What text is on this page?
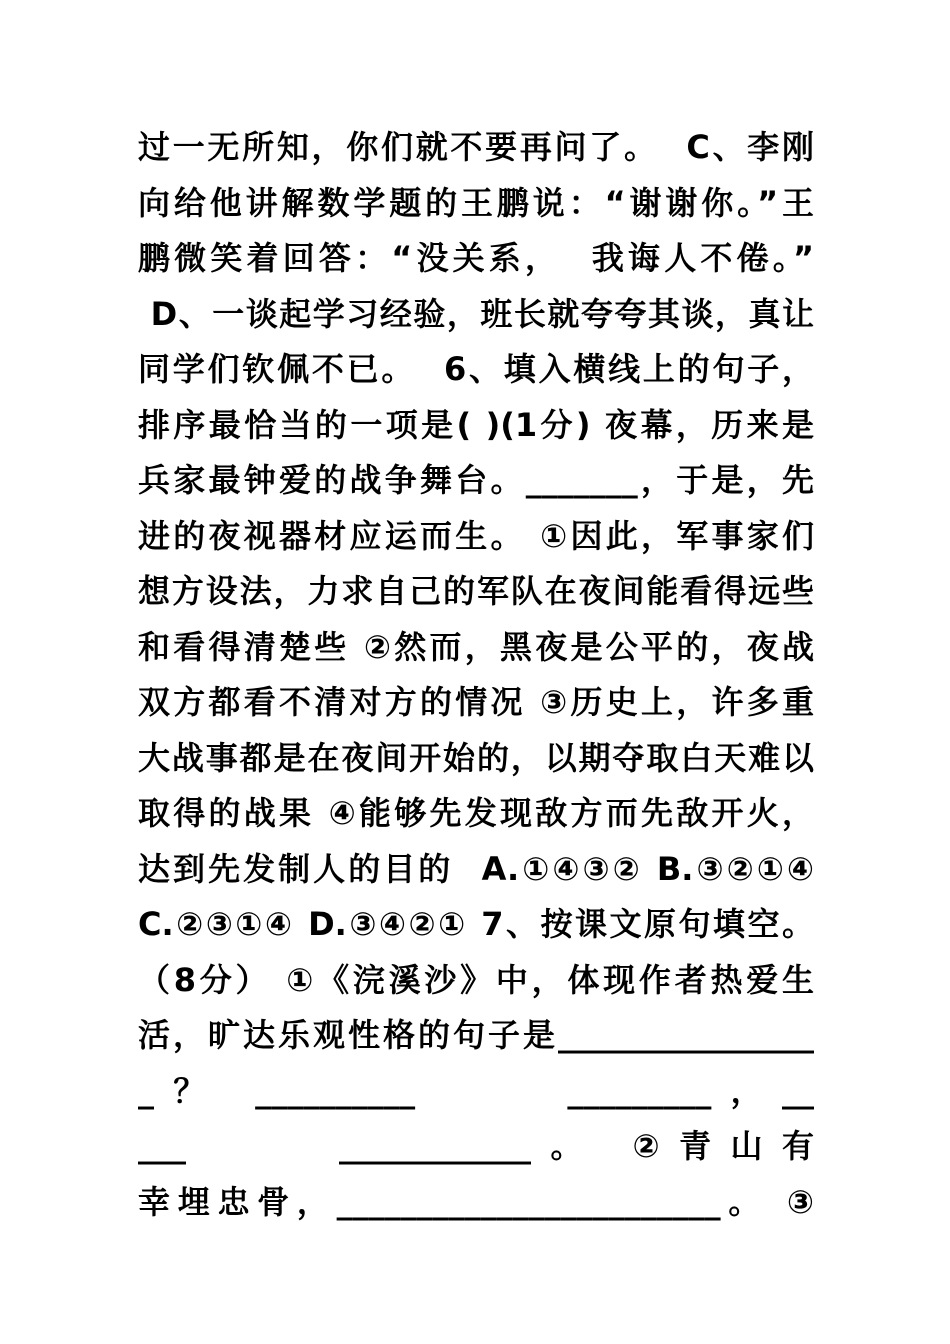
过一无所知，你们就不要再问了。  C、李刚
向给他讲解数学题的王鹏说：“谢谢你。”王
鹏微笑着回答：“没关系，  我诲人不倦。”
D、一谈起学习经验，班长就夸夸其谈，真让
同学们钦佩不已。  6、填入横线上的句子，
排序最恰当的一项是( )(1分) 夜幕，历来是
兵家最钟爱的战争舞台。_______，于是，先
进的夜视器材应运而生。 ①因此，军事家们
想方设法，力求自己的军队在夜间能看得远些
和看得清楚些 ②然而，黑夜是公平的，夜战
双方都看不清对方的情况 ③历史上，许多重
大战事都是在夜间开始的，以期夺取白天难以
取得的战果 ④能够先发现敌方而先敌开火，
达到先发制人的目的  A.①④③② B.③②①④
C.②③①④ D.③④②① 7、按课文原句填空。
（8分） ①《浣溪沙》中，体现作者热爱生
活，旷达乐观性格的句子是________________
_？ __________     _________，__
___     ____________。 ②青山有
幸埋忠骨，________________________。 ③
